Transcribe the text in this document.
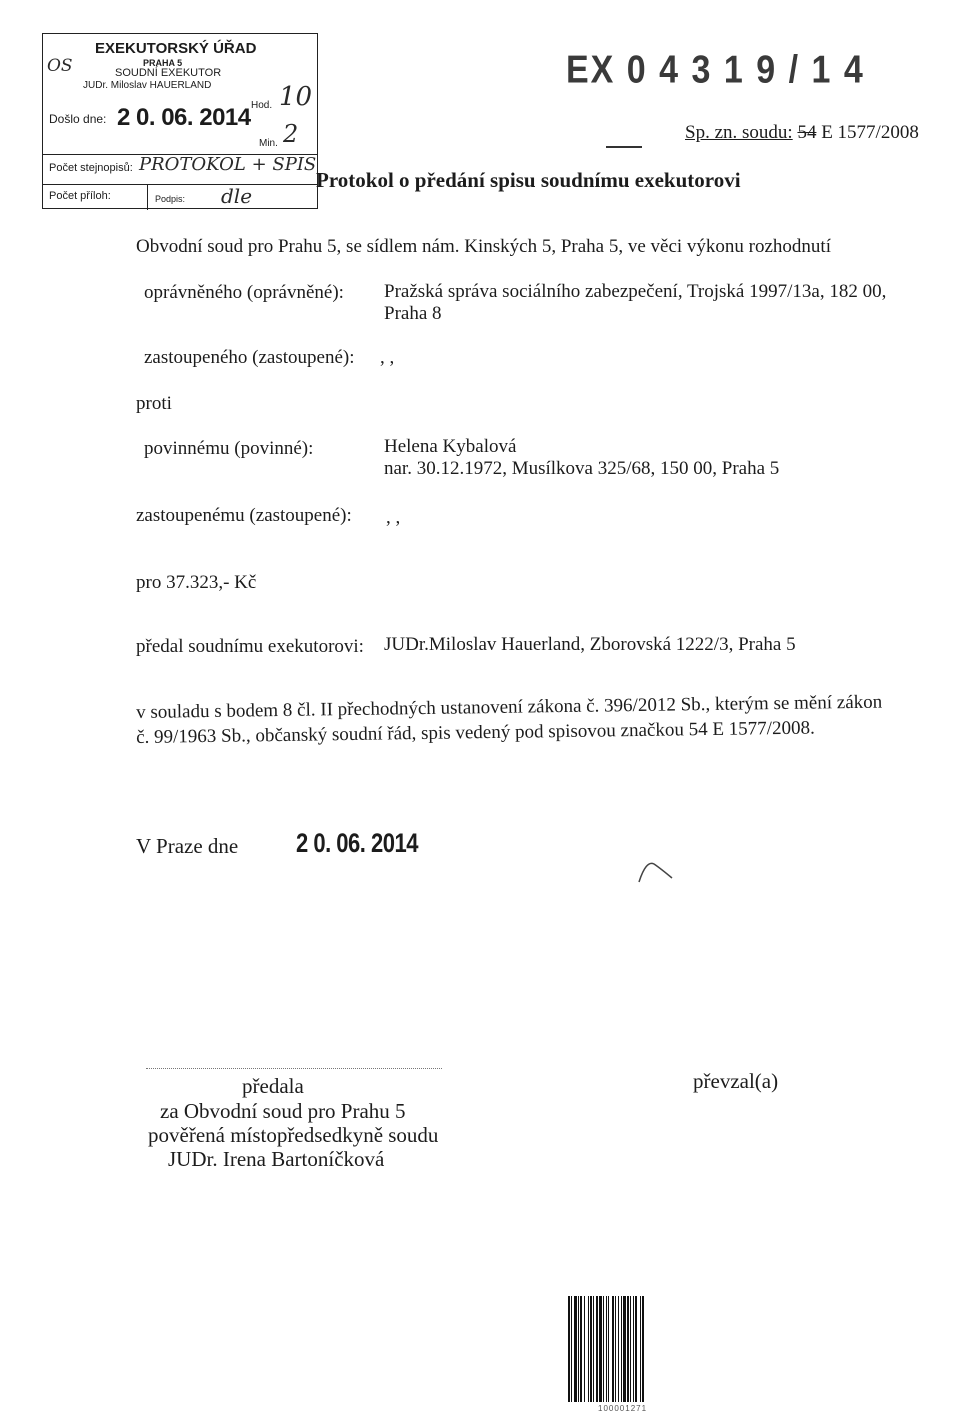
EXEKUTORSKÝ ÚŘAD
PRAHA 5
SOUDNÍ EXEKUTOR
JUDr. Miloslav HAUERLAND
OS
Došlo dne: 2 0. 06. 2014 Hod. 10
Min. 2
Počet stejnopisů: PROTOKOL + SPIS
Počet příloh:	Podpis: dle
EX 0 4 3 1 9 / 1 4
Sp. zn. soudu: 54 E 1577/2008
Protokol o předání spisu soudnímu exekutorovi
Obvodní soud pro Prahu 5, se sídlem nám. Kinských 5, Praha 5, ve věci výkonu rozhodnutí
oprávněného (oprávněné): Pražská správa sociálního zabezpečení, Trojská 1997/13a, 182 00,
Praha 8
zastoupeného (zastoupené): , ,
proti
povinnému (povinné):	Helena Kybalová
nar. 30.12.1972, Musílkova 325/68, 150 00, Praha 5
zastoupenému (zastoupené): , ,
pro 37.323,- Kč
předal soudnímu exekutorovi: JUDr.Miloslav Hauerland, Zborovská 1222/3, Praha 5
v souladu s bodem 8 čl. II přechodných ustanovení zákona č. 396/2012 Sb., kterým se mění zákon
č. 99/1963 Sb., občanský soudní řád, spis vedený pod spisovou značkou 54 E 1577/2008.
V Praze dne	2 0. 06. 2014
předala
za Obvodní soud pro Prahu 5
pověřená místopředsedkyně soudu
JUDr. Irena Bartoníčková
převzal(a)
100001271
